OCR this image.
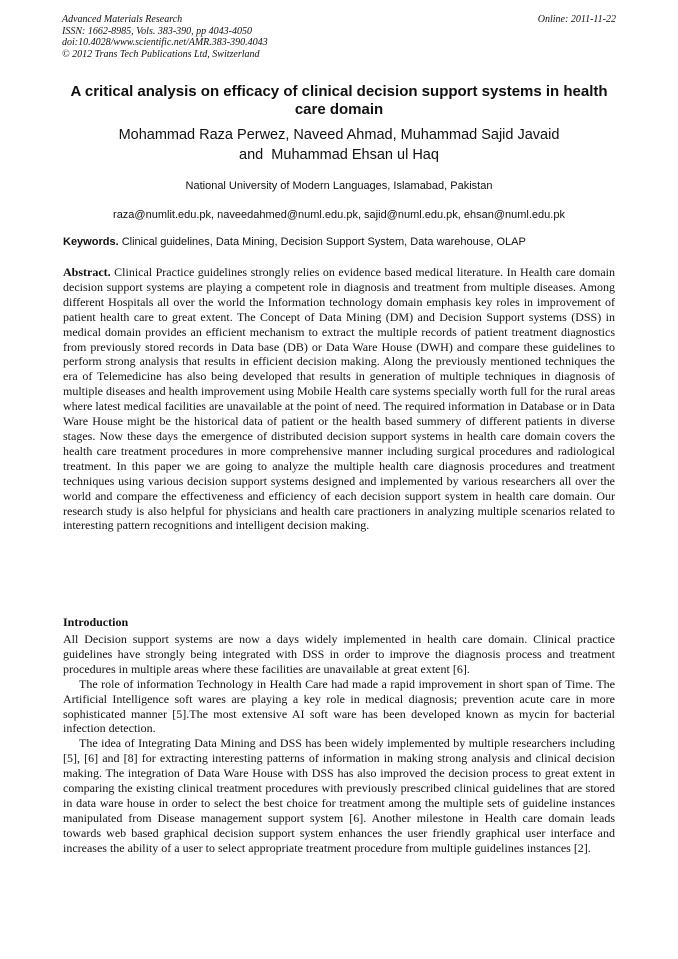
Advanced Materials Research
ISSN: 1662-8985, Vols. 383-390, pp 4043-4050
doi:10.4028/www.scientific.net/AMR.383-390.4043
© 2012 Trans Tech Publications Ltd, Switzerland
Online: 2011-11-22
A critical analysis on efficacy of clinical decision support systems in health care domain
Mohammad Raza Perwez, Naveed Ahmad, Muhammad Sajid Javaid
and  Muhammad Ehsan ul Haq
National University of Modern Languages, Islamabad, Pakistan
raza@numlit.edu.pk, naveedahmed@numl.edu.pk, sajid@numl.edu.pk, ehsan@numl.edu.pk
Keywords. Clinical guidelines, Data Mining, Decision Support System, Data warehouse, OLAP

Abstract. Clinical Practice guidelines strongly relies on evidence based medical literature. In Health care domain decision support systems are playing a competent role in diagnosis and treatment from multiple diseases. Among different Hospitals all over the world the Information technology domain emphasis key roles in improvement of patient health care to great extent. The Concept of Data Mining (DM) and Decision Support systems (DSS) in medical domain provides an efficient mechanism to extract the multiple records of patient treatment diagnostics from previously stored records in Data base (DB) or Data Ware House (DWH) and compare these guidelines to perform strong analysis that results in efficient decision making. Along the previously mentioned techniques the era of Telemedicine has also being developed that results in generation of multiple techniques in diagnosis of multiple diseases and health improvement using Mobile Health care systems specially worth full for the rural areas where latest medical facilities are unavailable at the point of need. The required information in Database or in Data Ware House might be the historical data of patient or the health based summery of different patients in diverse stages. Now these days the emergence of distributed decision support systems in health care domain covers the health care treatment procedures in more comprehensive manner including surgical procedures and radiological treatment. In this paper we are going to analyze the multiple health care diagnosis procedures and treatment techniques using various decision support systems designed and implemented by various researchers all over the world and compare the effectiveness and efficiency of each decision support system in health care domain. Our research study is also helpful for physicians and health care practioners in analyzing multiple scenarios related to interesting pattern recognitions and intelligent decision making.

Introduction

All Decision support systems are now a days widely implemented in health care domain. Clinical practice guidelines have strongly being integrated with DSS in order to improve the diagnosis process and treatment procedures in multiple areas where these facilities are unavailable at great extent [6].

The role of information Technology in Health Care had made a rapid improvement in short span of Time. The Artificial Intelligence soft wares are playing a key role in medical diagnosis; prevention acute care in more sophisticated manner [5].The most extensive AI soft ware has been developed known as mycin for bacterial infection detection.

The idea of Integrating Data Mining and DSS has been widely implemented by multiple researchers including [5], [6] and [8] for extracting interesting patterns of information in making strong analysis and clinical decision making. The integration of Data Ware House with DSS has also improved the decision process to great extent in comparing the existing clinical treatment procedures with previously prescribed clinical guidelines that are stored in data ware house in order to select the best choice for treatment among the multiple sets of guideline instances manipulated from Disease management support system [6]. Another milestone in Health care domain leads towards web based graphical decision support system enhances the user friendly graphical user interface and increases the ability of a user to select appropriate treatment procedure from multiple guidelines instances [2].
